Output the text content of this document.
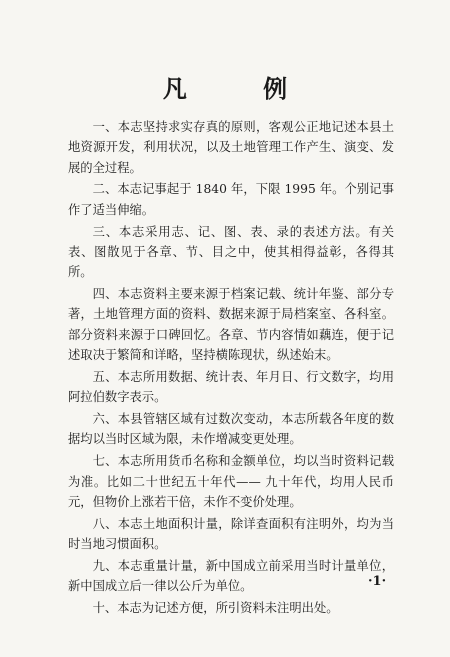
凡 例

一、本志坚持求实存真的原则，客观公正地记述本县土地资源开发，利用状况，以及土地管理工作产生、演变、发展的全过程。

二、本志记事起于 1840 年，下限 1995 年。个别记事作了适当伸缩。

三、本志采用志、记、图、表、录的表述方法。有关表、图散见于各章、节、目之中，使其相得益彰，各得其所。

四、本志资料主要来源于档案记载、统计年鉴、部分专著，土地管理方面的资料、数据来源于局档案室、各科室。部分资料来源于口碑回忆。各章、节内容情如藕连，便于记述取决于繁简和详略，坚持横陈现状，纵述始末。

五、本志所用数据、统计表、年月日、行文数字，均用阿拉伯数字表示。

六、本县管辖区域有过数次变动，本志所载各年度的数据均以当时区域为限，未作增减变更处理。

七、本志所用货币名称和金额单位，均以当时资料记载为准。比如二十世纪五十年代—— 九十年代，均用人民币元，但物价上涨若干倍，未作不变价处理。

八、本志土地面积计量，除详查面积有注明外，均为当时当地习惯面积。

九、本志重量计量，新中国成立前采用当时计量单位，新中国成立后一律以公斤为单位。

十、本志为记述方便，所引资料未注明出处。

·1·
